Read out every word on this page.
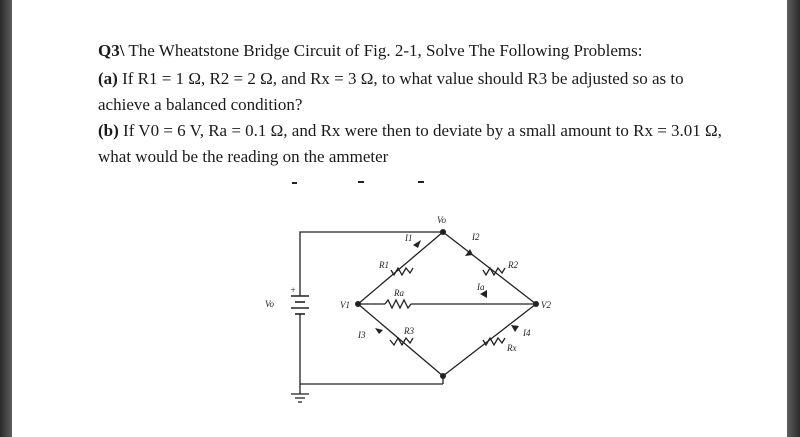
Q3\ The Wheatstone Bridge Circuit of Fig. 2-1, Solve The Following Problems:
(a) If R1 = 1 Ω, R2 = 2 Ω, and Rx = 3 Ω, to what value should R3 be adjusted so as to achieve a balanced condition?
(b) If V0 = 6 V, Ra = 0.1 Ω, and Rx were then to deviate by a small amount to Rx = 3.01 Ω, what would be the reading on the ammeter
Vo
I1	I2
R1	R2
Ra
Ia
V1	V2
I3	R3	I4
Rx
Vo
+
